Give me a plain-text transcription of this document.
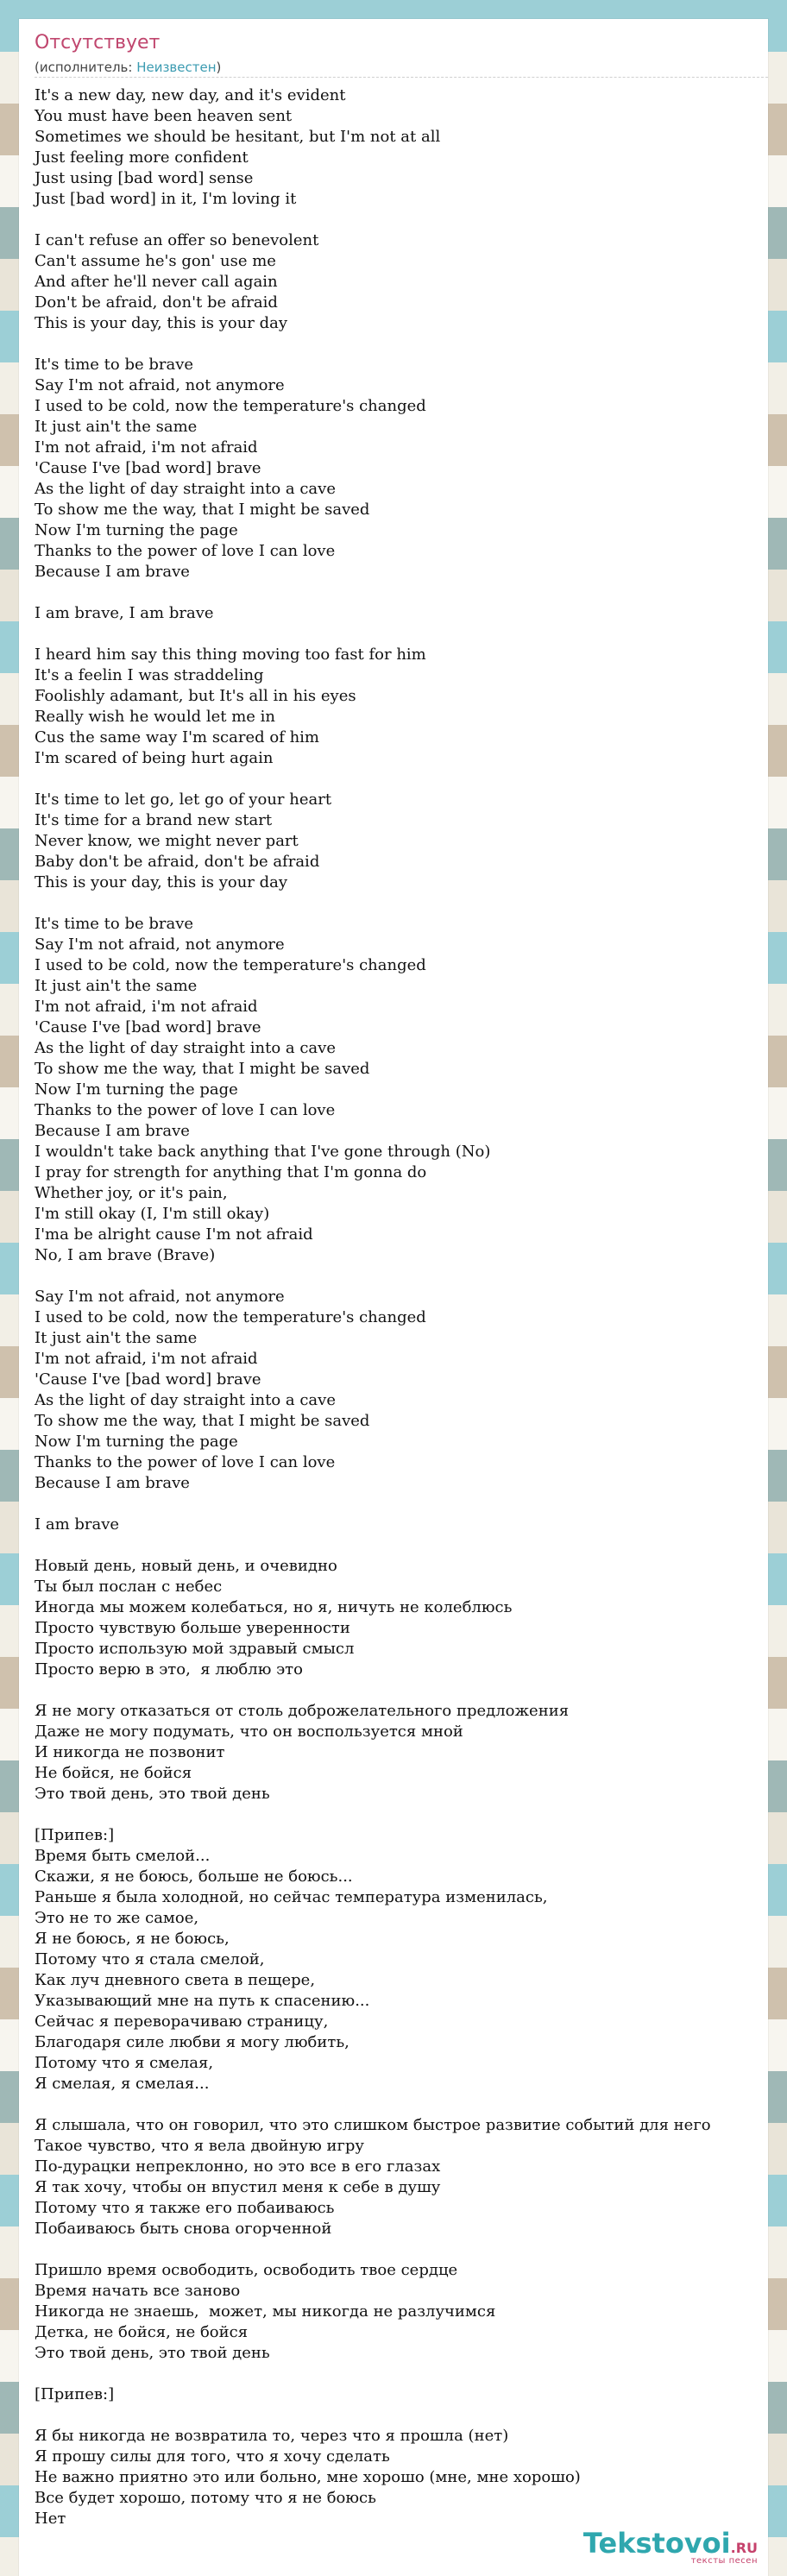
Отсутствует
(исполнитель: Неизвестен)
It's a new day, new day, and it's evident
You must have been heaven sent
Sometimes we should be hesitant, but I'm not at all
Just feeling more confident
Just using [bad word] sense
Just [bad word] in it, I'm loving it

I can't refuse an offer so benevolent
Can't assume he's gon' use me
And after he'll never call again
Don't be afraid, don't be afraid
This is your day, this is your day

It's time to be brave
Say I'm not afraid, not anymore
I used to be cold, now the temperature's changed
It just ain't the same
I'm not afraid, i'm not afraid
'Cause I've [bad word] brave
As the light of day straight into a cave
To show me the way, that I might be saved
Now I'm turning the page
Thanks to the power of love I can love
Because I am brave

I am brave, I am brave

I heard him say this thing moving too fast for him
It's a feelin I was straddeling
Foolishly adamant, but It's all in his eyes
Really wish he would let me in
Cus the same way I'm scared of him
I'm scared of being hurt again

It's time to let go, let go of your heart
It's time for a brand new start
Never know, we might never part
Baby don't be afraid, don't be afraid
This is your day, this is your day

It's time to be brave
Say I'm not afraid, not anymore
I used to be cold, now the temperature's changed
It just ain't the same
I'm not afraid, i'm not afraid
'Cause I've [bad word] brave
As the light of day straight into a cave
To show me the way, that I might be saved
Now I'm turning the page
Thanks to the power of love I can love
Because I am brave
I wouldn't take back anything that I've gone through (No)
I pray for strength for anything that I'm gonna do
Whether joy, or it's pain,
I'm still okay (I, I'm still okay)
I'ma be alright cause I'm not afraid
No, I am brave (Brave)

Say I'm not afraid, not anymore
I used to be cold, now the temperature's changed
It just ain't the same
I'm not afraid, i'm not afraid
'Cause I've [bad word] brave
As the light of day straight into a cave
To show me the way, that I might be saved
Now I'm turning the page
Thanks to the power of love I can love
Because I am brave

I am brave

Новый день, новый день, и очевидно
Ты был послан с небес
Иногда мы можем колебаться, но я, ничуть не колеблюсь
Просто чувствую больше уверенности
Просто использую мой здравый смысл
Просто верю в это,  я люблю это

Я не могу отказаться от столь доброжелательного предложения
Даже не могу подумать, что он воспользуется мной
И никогда не позвонит
Не бойся, не бойся
Это твой день, это твой день

[Припев:]
Время быть смелой...
Скажи, я не боюсь, больше не боюсь...
Раньше я была холодной, но сейчас температура изменилась,
Это не то же самое,
Я не боюсь, я не боюсь,
Потому что я стала смелой,
Как луч дневного света в пещере,
Указывающий мне на путь к спасению...
Сейчас я переворачиваю страницу,
Благодаря силе любви я могу любить,
Потому что я смелая,
Я смелая, я смелая...

Я слышала, что он говорил, что это слишком быстрое развитие событий для него
Такое чувство, что я вела двойную игру
По-дурацки непреклонно, но это все в его глазах
Я так хочу, чтобы он впустил меня к себе в душу
Потому что я также его побаиваюсь
Побаиваюсь быть снова огорченной

Пришло время освободить, освободить твое сердце
Время начать все заново
Никогда не знаешь,  может, мы никогда не разлучимся
Детка, не бойся, не бойся
Это твой день, это твой день

[Припев:]

Я бы никогда не возвратила то, через что я прошла (нет)
Я прошу силы для того, что я хочу сделать
Не важно приятно это или больно, мне хорошо (мне, мне хорошо)
Все будет хорошо, потому что я не боюсь
Нет
Tekstovoi.RU
тексты песен
